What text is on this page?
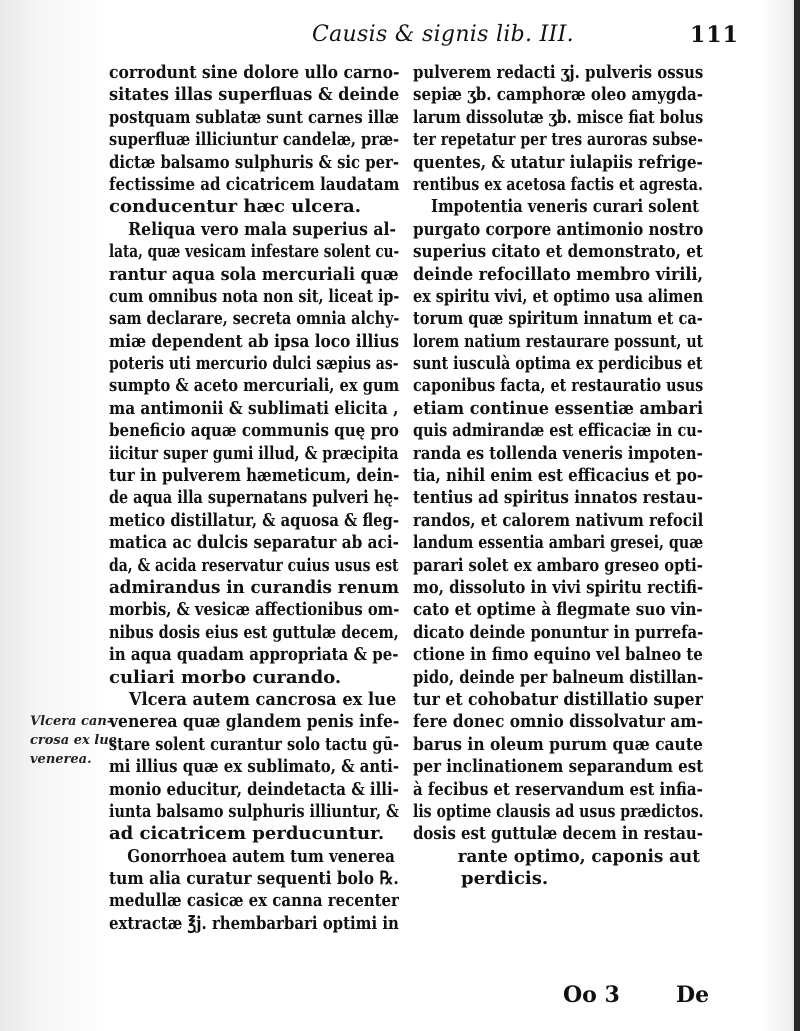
Causis & signis lib. III.	111
corrodunt sine dolore ullo carno-
sitates illas superfluas & deinde
postquam sublatæ sunt carnes illæ
superfluæ illiciuntur candelæ, præ-
dictæ balsamo sulphuris & sic per-
fectissime ad cicatricem laudatam
conducentur hæc ulcera.
Reliqua vero mala superius al-
lata, quæ vesicam infestare solent cu-
rantur aqua sola mercuriali quæ
cum omnibus nota non sit, liceat ip-
sam declarare, secreta omnia alchy-
miæ dependent ab ipsa loco illius
poteris uti mercurio dulci sæpius as-
sumpto & aceto mercuriali, ex gum
ma antimonii & sublimati elicita ,
beneficio aquæ communis quę pro
iicitur super gumi illud, & præcipita
tur in pulverem hæmeticum, dein-
de aqua illa supernatans pulveri hę-
metico distillatur, & aquosa & fleg-
matica ac dulcis separatur ab aci-
da, & acida reservatur cuius usus est
admirandus in curandis renum
morbis, & vesicæ affectionibus om-
nibus dosis eius est guttulæ decem,
in aqua quadam appropriata & pe-
culiari morbo curando.
Vlcera autem cancrosa ex lue
venerea quæ glandem penis infe-
stare solent curantur solo tactu gū-
mi illius quæ ex sublimato, & anti-
monio educitur, deindetacta & illi-
iunta balsamo sulphuris illiuntur, &
ad cicatricem perducuntur.
Gonorrhoea autem tum venerea
tum alia curatur sequenti bolo ℞.
medullæ casicæ ex canna recenter
extractæ ℥j. rhembarbari optimi in
pulverem redacti ʒj. pulveris ossus
sepiæ ʒb. camphoræ oleo amygda-
larum dissolutæ ʒb. misce fiat bolus
ter repetatur per tres auroras subse-
quentes, & utatur iulapiis refrige-
rentibus ex acetosa factis et agresta.
Impotentia veneris curari solent
purgato corpore antimonio nostro
superius citato et demonstrato, et
deinde refocillato membro virili,
ex spiritu vivi, et optimo usa alimen
torum quæ spiritum innatum et ca-
lorem natium restaurare possunt, ut
sunt iusculà optima ex perdicibus et
caponibus facta, et restauratio usus
etiam continue essentiæ ambari
quis admirandæ est efficaciæ in cu-
randa es tollenda veneris impoten-
tia, nihil enim est efficacius et po-
tentius ad spiritus innatos restau-
randos, et calorem nativum refocil
landum essentia ambari gresei, quæ
parari solet ex ambaro greseo opti-
mo, dissoluto in vivi spiritu rectifi-
cato et optime à flegmate suo vin-
dicato deinde ponuntur in purrefa-
ctione in fimo equino vel balneo te
pido, deinde per balneum distillan-
tur et cohobatur distillatio super
fere donec omnio dissolvatur am-
barus in oleum purum quæ caute
per inclinationem separandum est
à fecibus et reservandum est infia-
lis optime clausis ad usus prædictos.
dosis est guttulæ decem in restau-
rante optimo, caponis aut
perdicis.
Vlcera can-
crosa ex lue
venerea.
Oo 3	De
